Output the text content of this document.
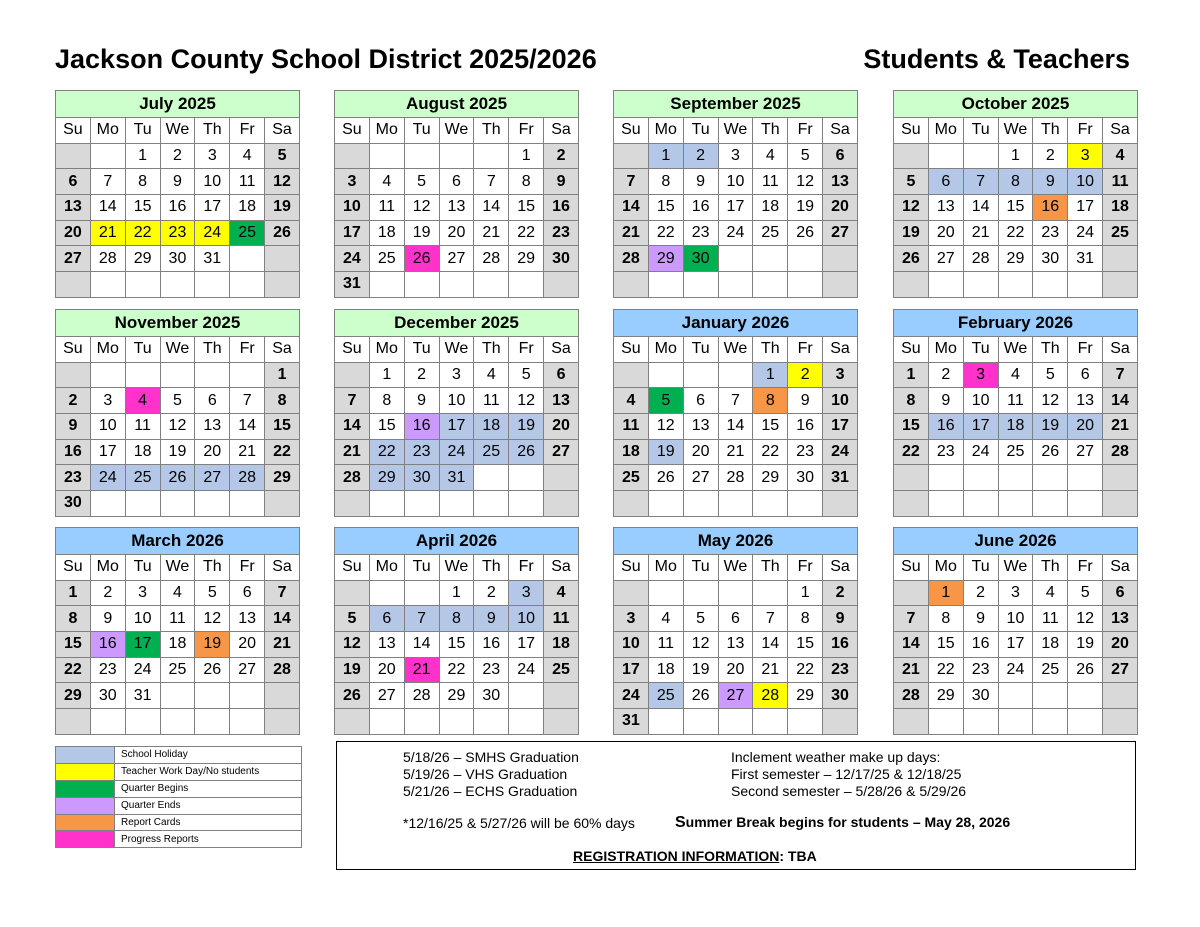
Jackson County School District 2025/2026	Students & Teachers
July 2025						
Su	Mo	Tu	We	Th	Fr	Sa
		1	2	3	4	5
6	7	8	9	10	11	12
13	14	15	16	17	18	19
20	21	22	23	24	25	26
27	28	29	30	31		

August 2025						
Su	Mo	Tu	We	Th	Fr	Sa
					1	2
3	4	5	6	7	8	9
10	11	12	13	14	15	16
17	18	19	20	21	22	23
24	25	26	27	28	29	30
31						
September 2025						
Su	Mo	Tu	We	Th	Fr	Sa
	1	2	3	4	5	6
7	8	9	10	11	12	13
14	15	16	17	18	19	20
21	22	23	24	25	26	27
28	29	30				

October 2025						
Su	Mo	Tu	We	Th	Fr	Sa
			1	2	3	4
5	6	7	8	9	10	11
12	13	14	15	16	17	18
19	20	21	22	23	24	25
26	27	28	29	30	31	

November 2025						
Su	Mo	Tu	We	Th	Fr	Sa
						1
2	3	4	5	6	7	8
9	10	11	12	13	14	15
16	17	18	19	20	21	22
23	24	25	26	27	28	29
30						
December 2025						
Su	Mo	Tu	We	Th	Fr	Sa
	1	2	3	4	5	6
7	8	9	10	11	12	13
14	15	16	17	18	19	20
21	22	23	24	25	26	27
28	29	30	31			

January 2026						
Su	Mo	Tu	We	Th	Fr	Sa
				1	2	3
4	5	6	7	8	9	10
11	12	13	14	15	16	17
18	19	20	21	22	23	24
25	26	27	28	29	30	31

February 2026						
Su	Mo	Tu	We	Th	Fr	Sa
1	2	3	4	5	6	7
8	9	10	11	12	13	14
15	16	17	18	19	20	21
22	23	24	25	26	27	28

March 2026						
Su	Mo	Tu	We	Th	Fr	Sa
1	2	3	4	5	6	7
8	9	10	11	12	13	14
15	16	17	18	19	20	21
22	23	24	25	26	27	28
29	30	31				

April 2026						
Su	Mo	Tu	We	Th	Fr	Sa
			1	2	3	4
5	6	7	8	9	10	11
12	13	14	15	16	17	18
19	20	21	22	23	24	25
26	27	28	29	30		

May 2026						
Su	Mo	Tu	We	Th	Fr	Sa
					1	2
3	4	5	6	7	8	9
10	11	12	13	14	15	16
17	18	19	20	21	22	23
24	25	26	27	28	29	30
31						
June 2026						
Su	Mo	Tu	We	Th	Fr	Sa
	1	2	3	4	5	6
7	8	9	10	11	12	13
14	15	16	17	18	19	20
21	22	23	24	25	26	27
28	29	30				

	School Holiday
	Teacher Work Day/No students
	Quarter Begins
	Quarter Ends
	Report Cards
	Progress Reports
5/18/26 – SMHS Graduation
5/19/26 – VHS Graduation
5/21/26 – ECHS Graduation
Inclement weather make up days:
First semester – 12/17/25 & 12/18/25
Second semester – 5/28/26 & 5/29/26
*12/16/25 & 5/27/26 will be 60% days	Summer Break begins for students – May 28, 2026
REGISTRATION INFORMATION: TBA
